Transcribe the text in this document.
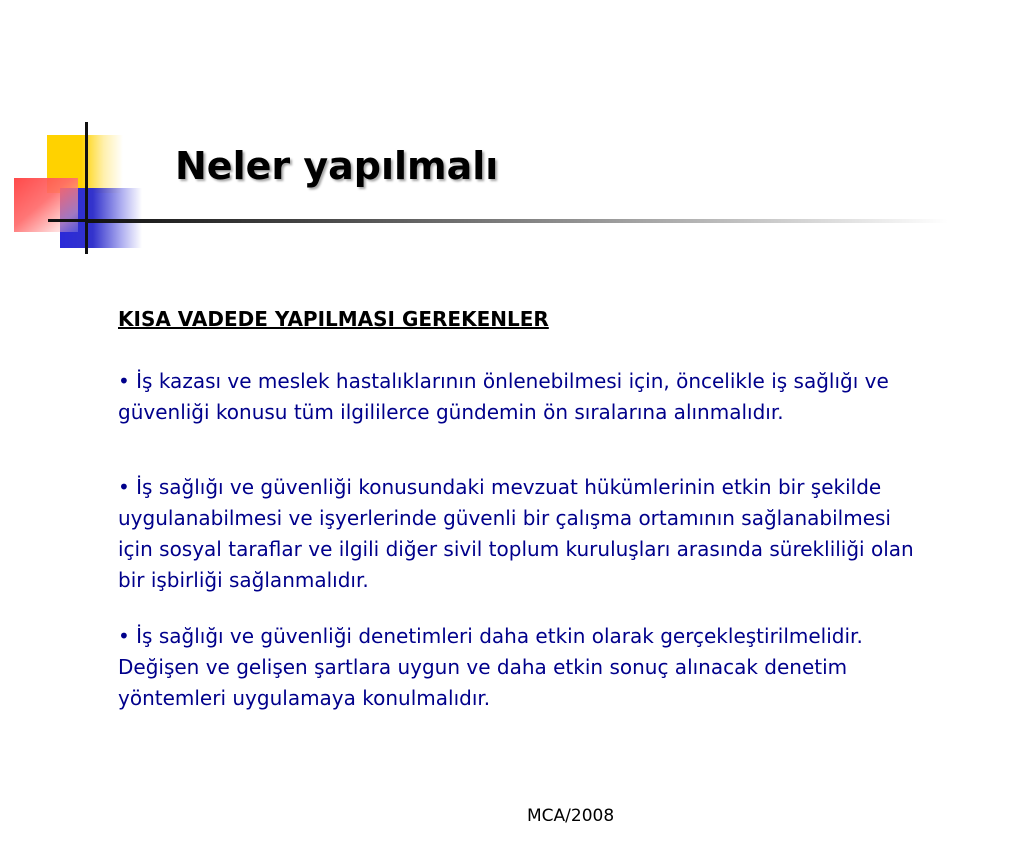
Neler yapılmalı
KISA VADEDE YAPILMASI GEREKENLER

• İş kazası ve meslek hastalıklarının önlenebilmesi için, öncelikle iş sağlığı ve güvenliği konusu tüm ilgililerce gündemin ön sıralarına alınmalıdır.

• İş sağlığı ve güvenliği konusundaki mevzuat hükümlerinin etkin bir şekilde uygulanabilmesi ve işyerlerinde güvenli bir çalışma ortamının sağlanabilmesi için sosyal taraflar ve ilgili diğer sivil toplum kuruluşları arasında sürekliliği olan bir işbirliği sağlanmalıdır.

• İş sağlığı ve güvenliği denetimleri daha etkin olarak gerçekleştirilmelidir. Değişen ve gelişen şartlara uygun ve daha etkin sonuç alınacak denetim yöntemleri uygulamaya konulmalıdır.

MCA/2008
